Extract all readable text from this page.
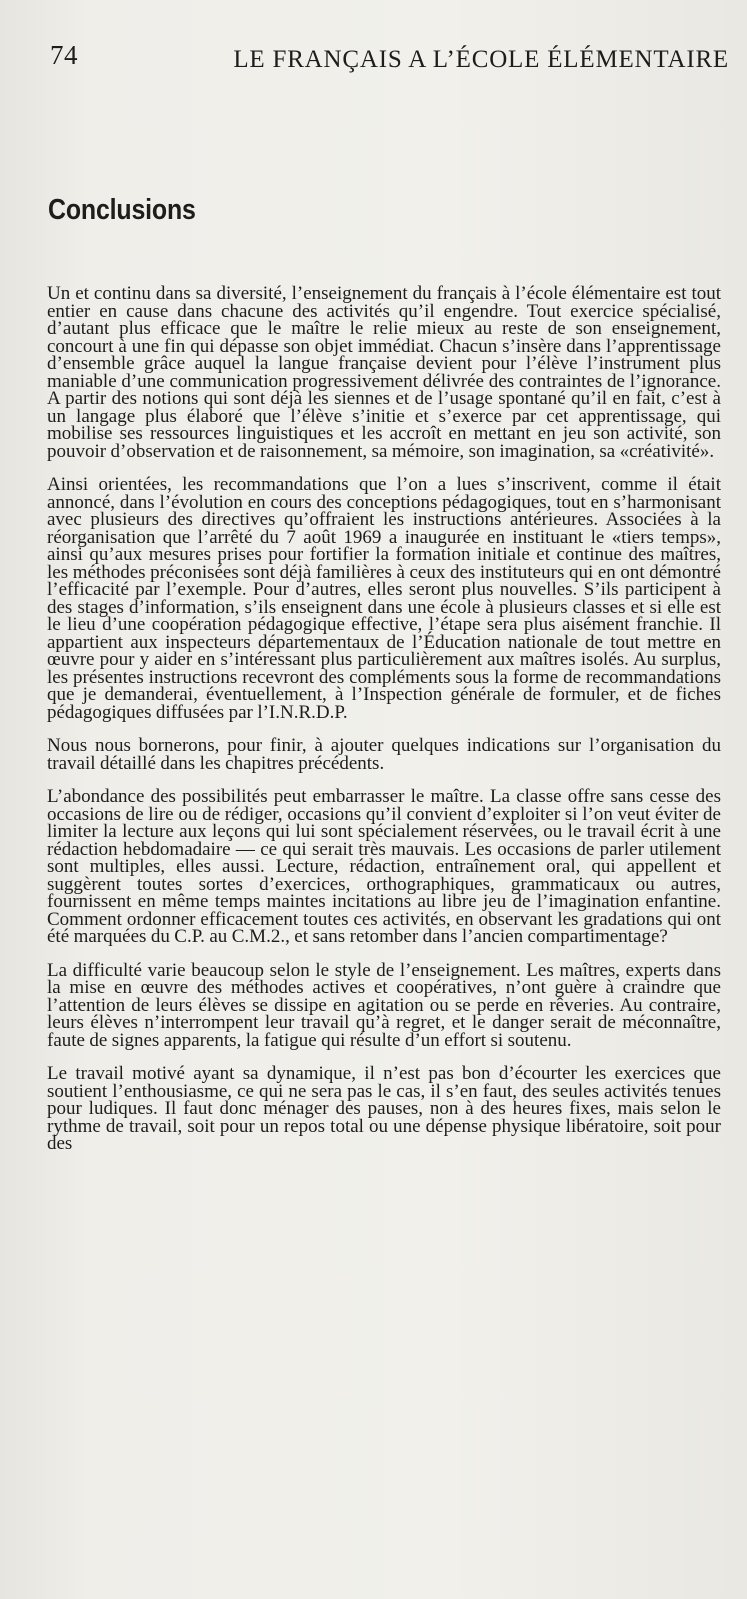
74	LE FRANÇAIS A L’ÉCOLE ÉLÉMENTAIRE
Conclusions

Un et continu dans sa diversité, l’enseignement du français à l’école élémentaire est tout entier en cause dans chacune des activités qu’il engendre. Tout exercice spécialisé, d’autant plus efficace que le maître le relie mieux au reste de son enseignement, concourt à une fin qui dépasse son objet immédiat. Chacun s’insère dans l’apprentissage d’ensemble grâce auquel la langue française devient pour l’élève l’instrument plus maniable d’une communication progressivement délivrée des contraintes de l’ignorance. A partir des notions qui sont déjà les siennes et de l’usage spontané qu’il en fait, c’est à un langage plus élaboré que l’élève s’initie et s’exerce par cet apprentissage, qui mobilise ses ressources linguistiques et les accroît en mettant en jeu son activité, son pouvoir d’observation et de raisonnement, sa mémoire, son imagination, sa «créativité».

Ainsi orientées, les recommandations que l’on a lues s’inscrivent, comme il était annoncé, dans l’évolution en cours des conceptions pédagogiques, tout en s’harmonisant avec plusieurs des directives qu’offraient les instructions antérieures. Associées à la réorganisation que l’arrêté du 7 août 1969 a inaugurée en instituant le «tiers temps», ainsi qu’aux mesures prises pour fortifier la formation initiale et continue des maîtres, les méthodes préconisées sont déjà familières à ceux des instituteurs qui en ont démontré l’efficacité par l’exemple. Pour d’autres, elles seront plus nouvelles. S’ils participent à des stages d’information, s’ils enseignent dans une école à plusieurs classes et si elle est le lieu d’une coopération pédagogique effective, l’étape sera plus aisément franchie. Il appartient aux inspecteurs départementaux de l’Éducation nationale de tout mettre en œuvre pour y aider en s’intéressant plus particulièrement aux maîtres isolés. Au surplus, les présentes instructions recevront des compléments sous la forme de recommandations que je demanderai, éventuellement, à l’Inspection générale de formuler, et de fiches pédagogiques diffusées par l’I.N.R.D.P.

Nous nous bornerons, pour finir, à ajouter quelques indications sur l’organisation du travail détaillé dans les chapitres précédents.

L’abondance des possibilités peut embarrasser le maître. La classe offre sans cesse des occasions de lire ou de rédiger, occasions qu’il convient d’exploiter si l’on veut éviter de limiter la lecture aux leçons qui lui sont spécialement réservées, ou le travail écrit à une rédaction hebdomadaire — ce qui serait très mauvais. Les occasions de parler utilement sont multiples, elles aussi. Lecture, rédaction, entraînement oral, qui appellent et suggèrent toutes sortes d’exercices, orthographiques, grammaticaux ou autres, fournissent en même temps maintes incitations au libre jeu de l’imagination enfantine. Comment ordonner efficacement toutes ces activités, en observant les gradations qui ont été marquées du C.P. au C.M.2., et sans retomber dans l’ancien compartimentage?

La difficulté varie beaucoup selon le style de l’enseignement. Les maîtres, experts dans la mise en œuvre des méthodes actives et coopératives, n’ont guère à craindre que l’attention de leurs élèves se dissipe en agitation ou se perde en rêveries. Au contraire, leurs élèves n’interrompent leur travail qu’à regret, et le danger serait de méconnaître, faute de signes apparents, la fatigue qui résulte d’un effort si soutenu.

Le travail motivé ayant sa dynamique, il n’est pas bon d’écourter les exercices que soutient l’enthousiasme, ce qui ne sera pas le cas, il s’en faut, des seules activités tenues pour ludiques. Il faut donc ménager des pauses, non à des heures fixes, mais selon le rythme de travail, soit pour un repos total ou une dépense physique libératoire, soit pour des
